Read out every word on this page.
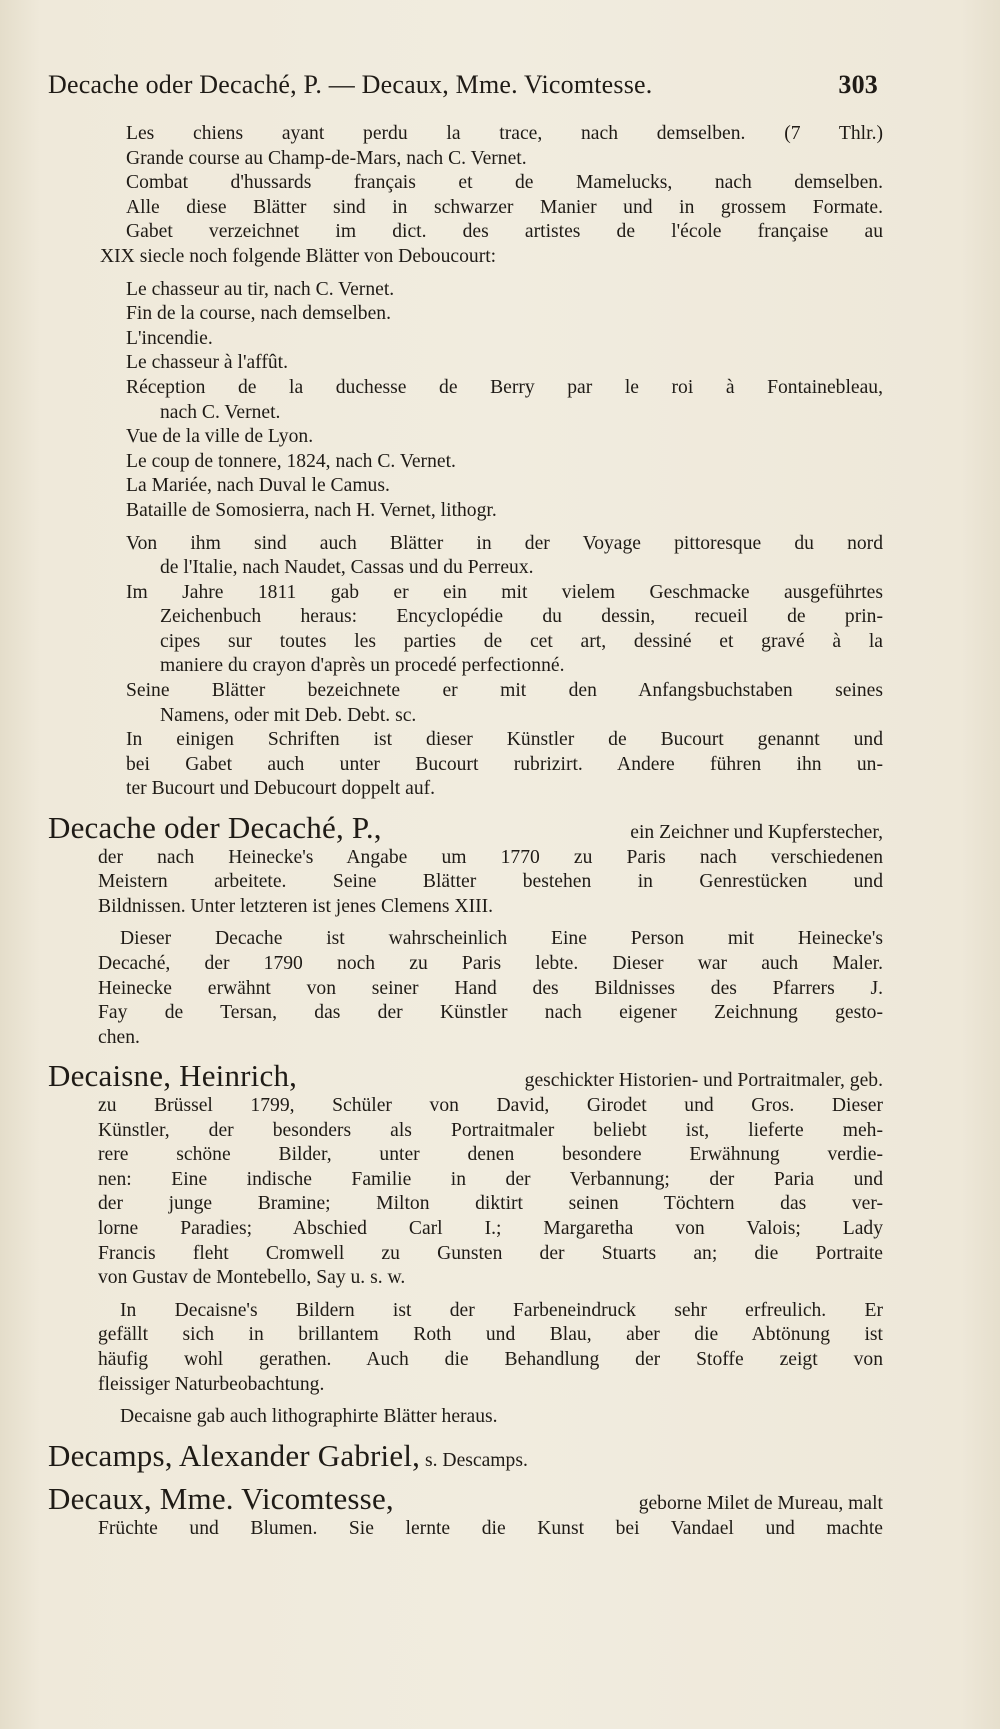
Decache oder Decaché, P. — Decaux, Mme. Vicomtesse.	303
Les chiens ayant perdu la trace, nach demselben. (7 Thlr.)
Grande course au Champ-de-Mars, nach C. Vernet.
Combat d'hussards français et de Mamelucks, nach demselben.
Alle diese Blätter sind in schwarzer Manier und in grossem Formate.
Gabet verzeichnet im dict. des artistes de l'école française au
XIX siecle noch folgende Blätter von Deboucourt:
Le chasseur au tir, nach C. Vernet.
Fin de la course, nach demselben.
L'incendie.
Le chasseur à l'affût.
Réception de la duchesse de Berry par le roi à Fontainebleau,
nach C. Vernet.
Vue de la ville de Lyon.
Le coup de tonnere, 1824, nach C. Vernet.
La Mariée, nach Duval le Camus.
Bataille de Somosierra, nach H. Vernet, lithogr.
Von ihm sind auch Blätter in der Voyage pittoresque du nord
de l'Italie, nach Naudet, Cassas und du Perreux.
Im Jahre 1811 gab er ein mit vielem Geschmacke ausgeführtes
Zeichenbuch heraus: Encyclopédie du dessin, recueil de prin-
cipes sur toutes les parties de cet art, dessiné et gravé à la
maniere du crayon d'après un procedé perfectionné.
Seine Blätter bezeichnete er mit den Anfangsbuchstaben seines
Namens, oder mit Deb. Debt. sc.
In einigen Schriften ist dieser Künstler de Bucourt genannt und
bei Gabet auch unter Bucourt rubrizirt. Andere führen ihn un-
ter Bucourt und Debucourt doppelt auf.
Decache oder Decaché, P.,	ein Zeichner und Kupferstecher,
der nach Heinecke's Angabe um 1770 zu Paris nach verschiedenen
Meistern arbeitete. Seine Blätter bestehen in Genrestücken und
Bildnissen. Unter letzteren ist jenes Clemens XIII.
Dieser Decache ist wahrscheinlich Eine Person mit Heinecke's
Decaché, der 1790 noch zu Paris lebte. Dieser war auch Maler.
Heinecke erwähnt von seiner Hand des Bildnisses des Pfarrers J.
Fay de Tersan, das der Künstler nach eigener Zeichnung gesto-
chen.
Decaisne, Heinrich,	geschickter Historien- und Portraitmaler, geb.
zu Brüssel 1799, Schüler von David, Girodet und Gros. Dieser
Künstler, der besonders als Portraitmaler beliebt ist, lieferte meh-
rere schöne Bilder, unter denen besondere Erwähnung verdie-
nen: Eine indische Familie in der Verbannung; der Paria und
der junge Bramine; Milton diktirt seinen Töchtern das ver-
lorne Paradies; Abschied Carl I.; Margaretha von Valois; Lady
Francis fleht Cromwell zu Gunsten der Stuarts an; die Portraite
von Gustav de Montebello, Say u. s. w.
In Decaisne's Bildern ist der Farbeneindruck sehr erfreulich. Er
gefällt sich in brillantem Roth und Blau, aber die Abtönung ist
häufig wohl gerathen. Auch die Behandlung der Stoffe zeigt von
fleissiger Naturbeobachtung.
Decaisne gab auch lithographirte Blätter heraus.
Decamps, Alexander Gabriel, s. Descamps.
Decaux, Mme. Vicomtesse,	geborne Milet de Mureau, malt
Früchte und Blumen. Sie lernte die Kunst bei Vandael und machte
